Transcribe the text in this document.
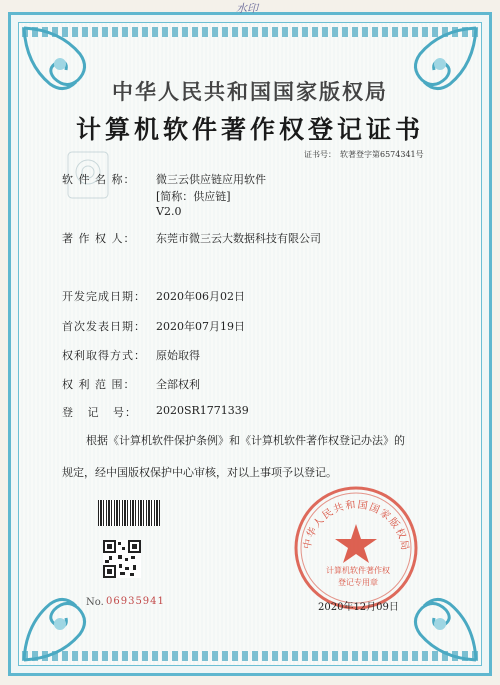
水印
中华人民共和国国家版权局
计算机软件著作权登记证书
证书号： 软著登字第6574341号
软 件 名 称： 微三云供应链应用软件
[简称：供应链]
V2.0
著 作 权 人： 东莞市微三云大数据科技有限公司
开发完成日期： 2020年06月02日
首次发表日期： 2020年07月19日
权利取得方式： 原始取得
权 利 范 围： 全部权利
登   记   号： 2020SR1771339
根据《计算机软件保护条例》和《计算机软件著作权登记办法》的
规定，经中国版权保护中心审核，对以上事项予以登记。
No. 06935941
中华人民共和国国家版权局
计算机软件著作权
登记专用章
2020年12月09日
